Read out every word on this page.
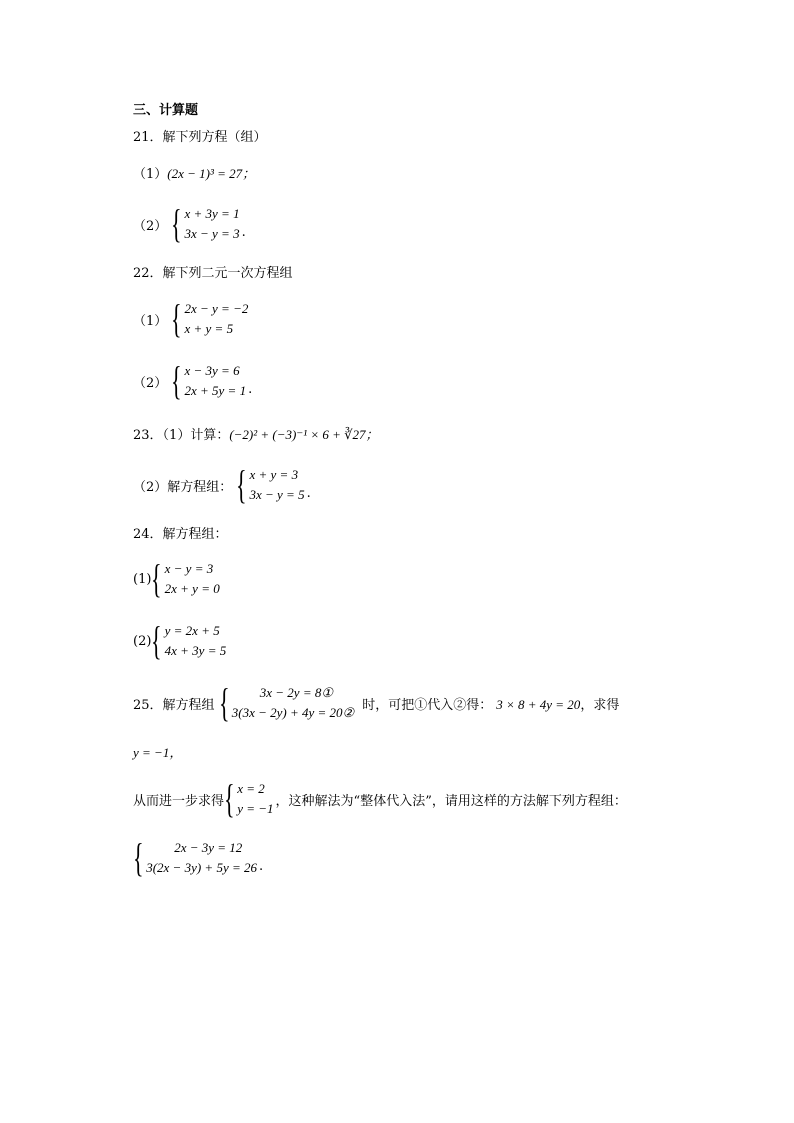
三、计算题
21．解下列方程（组）
（1）(2x − 1)³ = 27；
（2） { x + 3y = 1
3x − y = 3 .
22．解下列二元一次方程组
（1） { 2x − y = −2
x + y = 5
（2） { x − 3y = 6
2x + 5y = 1 .
23．（1）计算：(−2)² + (−3)⁻¹ × 6 + ∛27；
（2）解方程组： { x + y = 3
3x − y = 5 .
24．解方程组：
(1) { x − y = 3
2x + y = 0
(2) { y = 2x + 5
4x + 3y = 5
25．解方程组 {	3x − 2y = 8①
3(3x − 2y) + 4y = 20② 时，可把①代入②得： 3 × 8 + 4y = 20，求得
y = −1，
从而进一步求得 { x = 2
y = −1 ，这种解法为“整体代入法”，请用这样的方法解下列方程组：
{	2x − 3y = 12
3(2x − 3y) + 5y = 26 .
